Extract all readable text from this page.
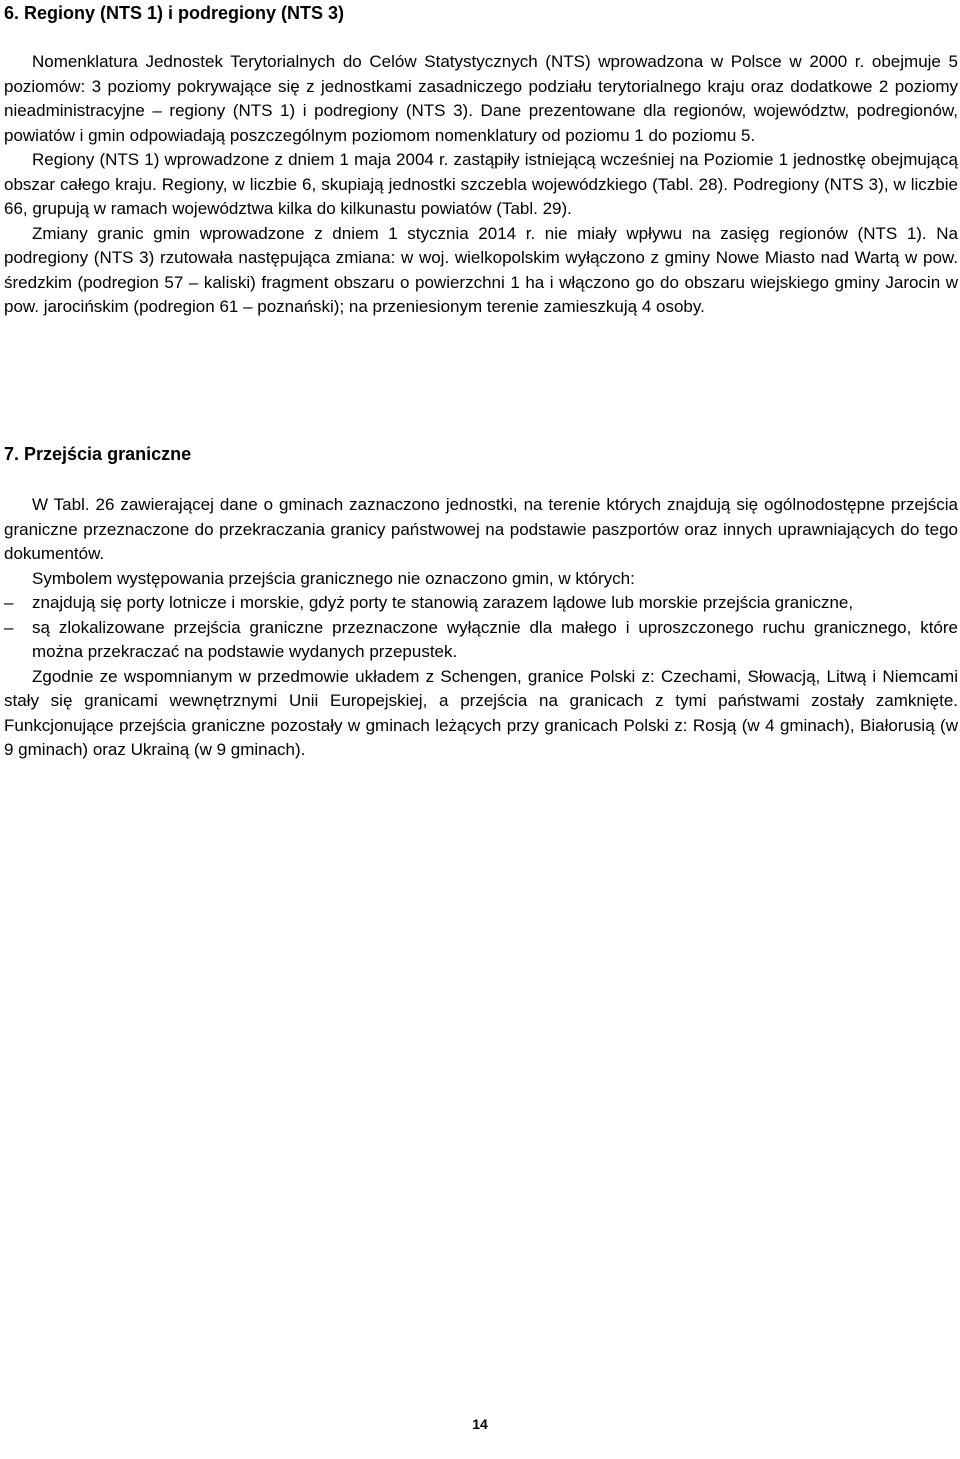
6. Regiony (NTS 1) i podregiony (NTS 3)

Nomenklatura Jednostek Terytorialnych do Celów Statystycznych (NTS) wprowadzona w Polsce w 2000 r. obejmuje 5 poziomów: 3 poziomy pokrywające się z jednostkami zasadniczego podziału terytorialnego kraju oraz dodatkowe 2 poziomy nieadministracyjne – regiony (NTS 1) i podregiony (NTS 3). Dane prezentowane dla regionów, województw, podregionów, powiatów i gmin odpowiadają poszczególnym poziomom nomenklatury od poziomu 1 do poziomu 5.

Regiony (NTS 1) wprowadzone z dniem 1 maja 2004 r. zastąpiły istniejącą wcześniej na Poziomie 1 jednostkę obejmującą obszar całego kraju. Regiony, w liczbie 6, skupiają jednostki szczebla wojewódzkiego (Tabl. 28). Podregiony (NTS 3), w liczbie 66, grupują w ramach województwa kilka do kilkunastu powiatów (Tabl. 29).

Zmiany granic gmin wprowadzone z dniem 1 stycznia 2014 r. nie miały wpływu na zasięg regionów (NTS 1). Na podregiony (NTS 3) rzutowała następująca zmiana: w woj. wielkopolskim wyłączono z gminy Nowe Miasto nad Wartą w pow. średzkim (podregion 57 – kaliski) fragment obszaru o powierzchni 1 ha i włączono go do obszaru wiejskiego gminy Jarocin w pow. jarocińskim (podregion 61 – poznański); na przeniesionym terenie zamieszkują 4 osoby.

7. Przejścia graniczne

W Tabl. 26 zawierającej dane o gminach zaznaczono jednostki, na terenie których znajdują się ogólnodostępne przejścia graniczne przeznaczone do przekraczania granicy państwowej na podstawie paszportów oraz innych uprawniających do tego dokumentów.

Symbolem występowania przejścia granicznego nie oznaczono gmin, w których:

– znajdują się porty lotnicze i morskie, gdyż porty te stanowią zarazem lądowe lub morskie przejścia graniczne,
– są zlokalizowane przejścia graniczne przeznaczone wyłącznie dla małego i uproszczonego ruchu granicznego, które można przekraczać na podstawie wydanych przepustek.

Zgodnie ze wspomnianym w przedmowie układem z Schengen, granice Polski z: Czechami, Słowacją, Litwą i Niemcami stały się granicami wewnętrznymi Unii Europejskiej, a przejścia na granicach z tymi państwami zostały zamknięte. Funkcjonujące przejścia graniczne pozostały w gminach leżących przy granicach Polski z: Rosją (w 4 gminach), Białorusią (w 9 gminach) oraz Ukrainą (w 9 gminach).

14
